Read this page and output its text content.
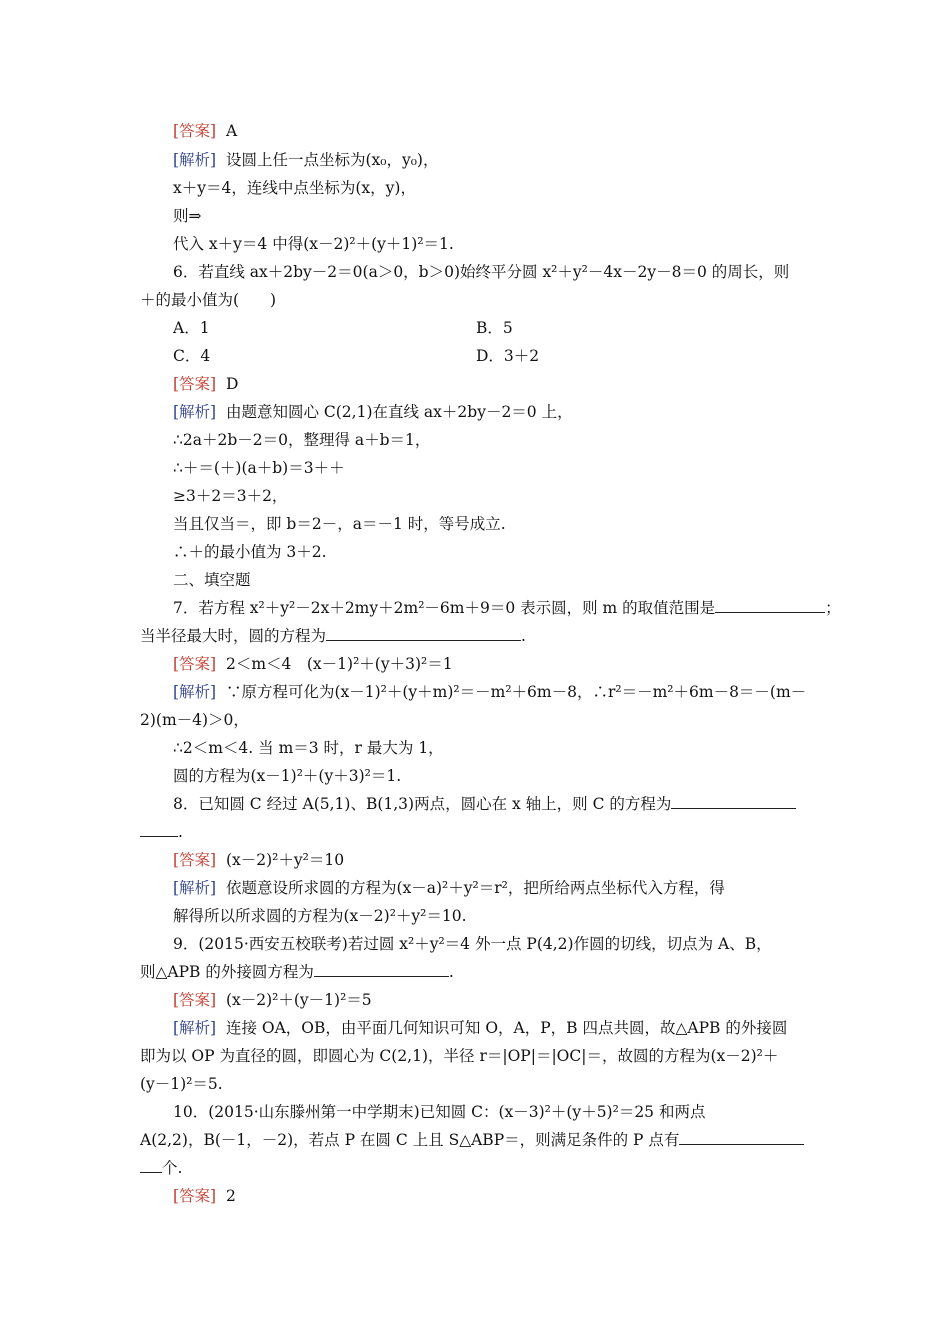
[答案]  A
[解析]  设圆上任一点坐标为(x₀，y₀)，
x＋y＝4，连线中点坐标为(x，y)，
则⇒
代入 x＋y＝4 中得(x－2)²＋(y＋1)²＝1.
6．若直线 ax＋2by－2＝0(a＞0，b＞0)始终平分圆 x²＋y²－4x－2y－8＝0 的周长，则
＋的最小值为(　　)
A．1	B．5
C．4	D．3＋2
[答案]  D
[解析]  由题意知圆心 C(2,1)在直线 ax＋2by－2＝0 上，
∴2a＋2b－2＝0，整理得 a＋b＝1，
∴＋＝(＋)(a＋b)＝3＋＋
≥3＋2＝3＋2，
当且仅当＝，即 b＝2－，a＝－1 时，等号成立.
∴＋的最小值为 3＋2.
二、填空题
7．若方程 x²＋y²－2x＋2my＋2m²－6m＋9＝0 表示圆，则 m 的取值范围是	；
当半径最大时，圆的方程为	.
[答案]  2＜m＜4　(x－1)²＋(y＋3)²＝1
[解析]  ∵原方程可化为(x－1)²＋(y＋m)²＝－m²＋6m－8，∴r²＝－m²＋6m－8＝－(m－
2)(m－4)＞0，
∴2＜m＜4. 当 m＝3 时，r 最大为 1，
圆的方程为(x－1)²＋(y＋3)²＝1.
8．已知圆 C 经过 A(5,1)、B(1,3)两点，圆心在 x 轴上，则 C 的方程为
.
[答案]  (x－2)²＋y²＝10
[解析]  依题意设所求圆的方程为(x－a)²＋y²＝r²，把所给两点坐标代入方程，得
解得所以所求圆的方程为(x－2)²＋y²＝10.
9．(2015·西安五校联考)若过圆 x²＋y²＝4 外一点 P(4,2)作圆的切线，切点为 A、B，
则△APB 的外接圆方程为	.
[答案]  (x－2)²＋(y－1)²＝5
[解析]  连接 OA，OB，由平面几何知识可知 O，A，P，B 四点共圆，故△APB 的外接圆
即为以 OP 为直径的圆，即圆心为 C(2,1)，半径 r＝|OP|＝|OC|＝，故圆的方程为(x－2)²＋
(y－1)²＝5.
10．(2015·山东滕州第一中学期末)已知圆 C：(x－3)²＋(y＋5)²＝25 和两点
A(2,2)，B(－1，－2)，若点 P 在圆 C 上且 S△ABP＝，则满足条件的 P 点有
个.
[答案]  2
